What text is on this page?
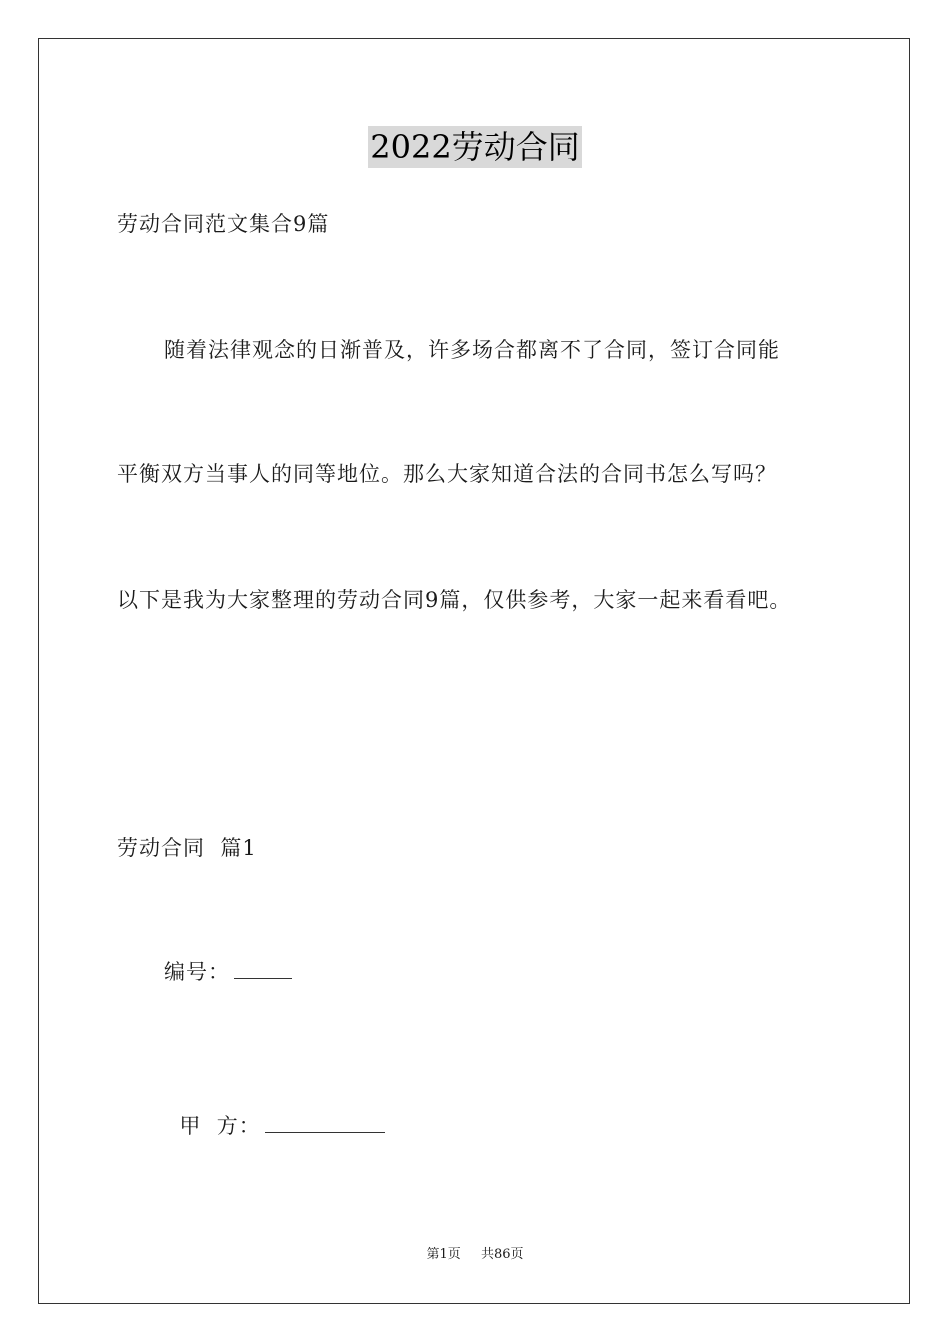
2022劳动合同
劳动合同范文集合9篇
随着法律观念的日渐普及，许多场合都离不了合同，签订合同能
平衡双方当事人的同等地位。那么大家知道合法的合同书怎么写吗？
以下是我为大家整理的劳动合同9篇，仅供参考，大家一起来看看吧。
劳动合同  篇1
编号：

甲  方：

第1页 共86页
